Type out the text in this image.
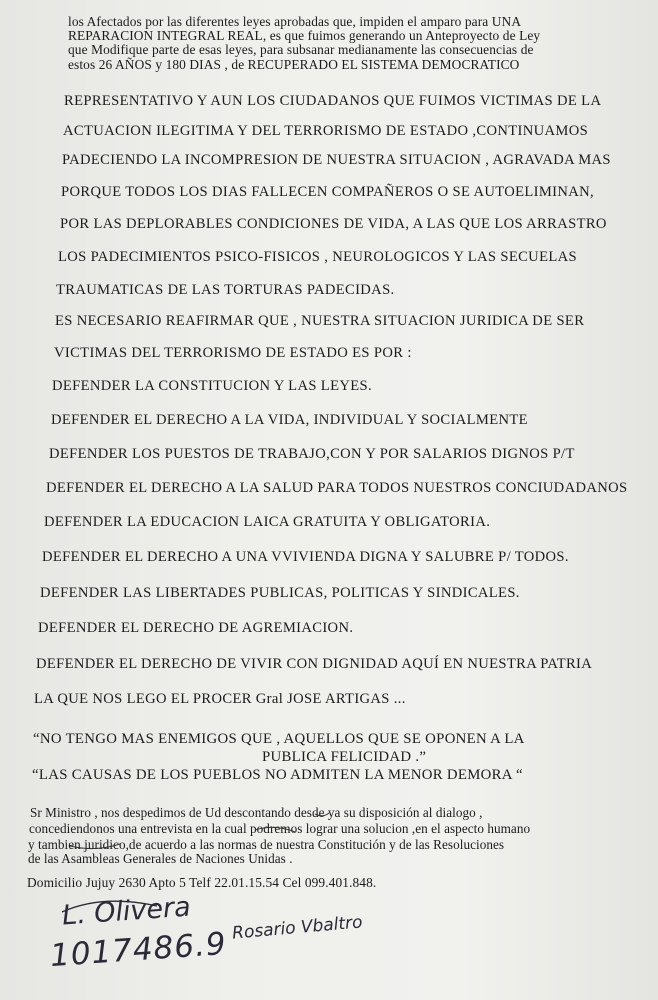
los Afectados por las diferentes leyes aprobadas que, impiden el amparo para UNA
REPARACION INTEGRAL REAL, es que fuimos generando un Anteproyecto de Ley
que Modifique parte de esas leyes, para subsanar medianamente las consecuencias de
estos 26 AÑOS y 180 DIAS , de RECUPERADO EL SISTEMA DEMOCRATICO
REPRESENTATIVO Y AUN LOS CIUDADANOS QUE FUIMOS VICTIMAS DE LA
ACTUACION ILEGITIMA Y DEL TERRORISMO DE ESTADO ,CONTINUAMOS
PADECIENDO LA INCOMPRESION DE NUESTRA SITUACION , AGRAVADA MAS
PORQUE TODOS LOS DIAS FALLECEN COMPAÑEROS O SE AUTOELIMINAN,
POR LAS DEPLORABLES CONDICIONES DE VIDA, A LAS QUE LOS ARRASTRO
LOS PADECIMIENTOS PSICO-FISICOS , NEUROLOGICOS Y LAS SECUELAS
TRAUMATICAS DE LAS TORTURAS PADECIDAS.
ES NECESARIO REAFIRMAR QUE , NUESTRA SITUACION JURIDICA DE SER
VICTIMAS DEL TERRORISMO DE ESTADO ES POR :
DEFENDER LA CONSTITUCION Y LAS LEYES.
DEFENDER EL DERECHO A LA VIDA, INDIVIDUAL Y SOCIALMENTE
DEFENDER LOS PUESTOS DE TRABAJO,CON Y POR SALARIOS DIGNOS P/T
DEFENDER EL DERECHO A LA SALUD PARA TODOS NUESTROS CONCIUDADANOS
DEFENDER LA EDUCACION LAICA GRATUITA Y OBLIGATORIA.
DEFENDER EL DERECHO A UNA VVIVIENDA DIGNA Y SALUBRE P/ TODOS.
DEFENDER LAS LIBERTADES PUBLICAS, POLITICAS Y SINDICALES.
DEFENDER EL DERECHO DE AGREMIACION.
DEFENDER EL DERECHO DE VIVIR CON DIGNIDAD AQUÍ EN NUESTRA PATRIA
LA QUE NOS LEGO EL PROCER Gral JOSE ARTIGAS ...
“NO TENGO MAS ENEMIGOS QUE , AQUELLOS QUE SE OPONEN A LA
PUBLICA FELICIDAD .”
“LAS CAUSAS DE LOS PUEBLOS NO ADMITEN LA MENOR DEMORA “
Sr Ministro , nos despedimos de Ud descontando desde ya su disposición al dialogo ,
concediendonos una entrevista en la cual podremos lograr una solucion ,en el aspecto humano
y tambien juridico,de acuerdo a las normas de nuestra Constitución y de las Resoluciones
de las Asambleas Generales de Naciones Unidas .
Domicilio Jujuy 2630 Apto 5 Telf 22.01.15.54 Cel 099.401.848.
L. Olivera
1017486.9 Rosario Vbaltro
